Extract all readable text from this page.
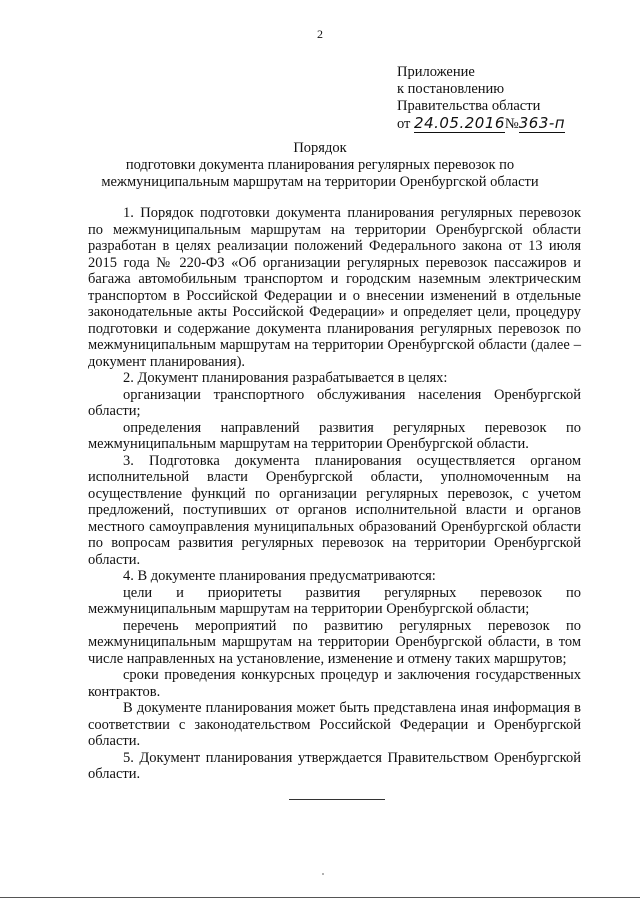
2
Приложение
к постановлению
Правительства области
от 24.05.2016№363-п
Порядок
подготовки документа планирования регулярных перевозок по
межмуниципальным маршрутам на территории Оренбургской области

1. Порядок подготовки документа планирования регулярных перевозок по межмуниципальным маршрутам на территории Оренбургской области разработан в целях реализации положений Федерального закона от 13 июля 2015 года № 220-ФЗ «Об организации регулярных перевозок пассажиров и багажа автомобильным транспортом и городским наземным электрическим транспортом в Российской Федерации и о внесении изменений в отдельные законодательные акты Российской Федерации» и определяет цели, процедуру подготовки и содержание документа планирования регулярных перевозок по межмуниципальным маршрутам на территории Оренбургской области (далее – документ планирования).

2. Документ планирования разрабатывается в целях:

организации транспортного обслуживания населения Оренбургской области;

определения направлений развития регулярных перевозок по межмуниципальным маршрутам на территории Оренбургской области.

3. Подготовка документа планирования осуществляется органом исполнительной власти Оренбургской области, уполномоченным на осуществление функций по организации регулярных перевозок, с учетом предложений, поступивших от органов исполнительной власти и органов местного самоуправления муниципальных образований Оренбургской области по вопросам развития регулярных перевозок на территории Оренбургской области.

4. В документе планирования предусматриваются:

цели и приоритеты развития регулярных перевозок по межмуниципальным маршрутам на территории Оренбургской области;

перечень мероприятий по развитию регулярных перевозок по межмуниципальным маршрутам на территории Оренбургской области, в том числе направленных на установление, изменение и отмену таких маршрутов;

сроки проведения конкурсных процедур и заключения государственных контрактов.

В документе планирования может быть представлена иная информация в соответствии с законодательством Российской Федерации и Оренбургской области.

5. Документ планирования утверждается Правительством Оренбургской области.
